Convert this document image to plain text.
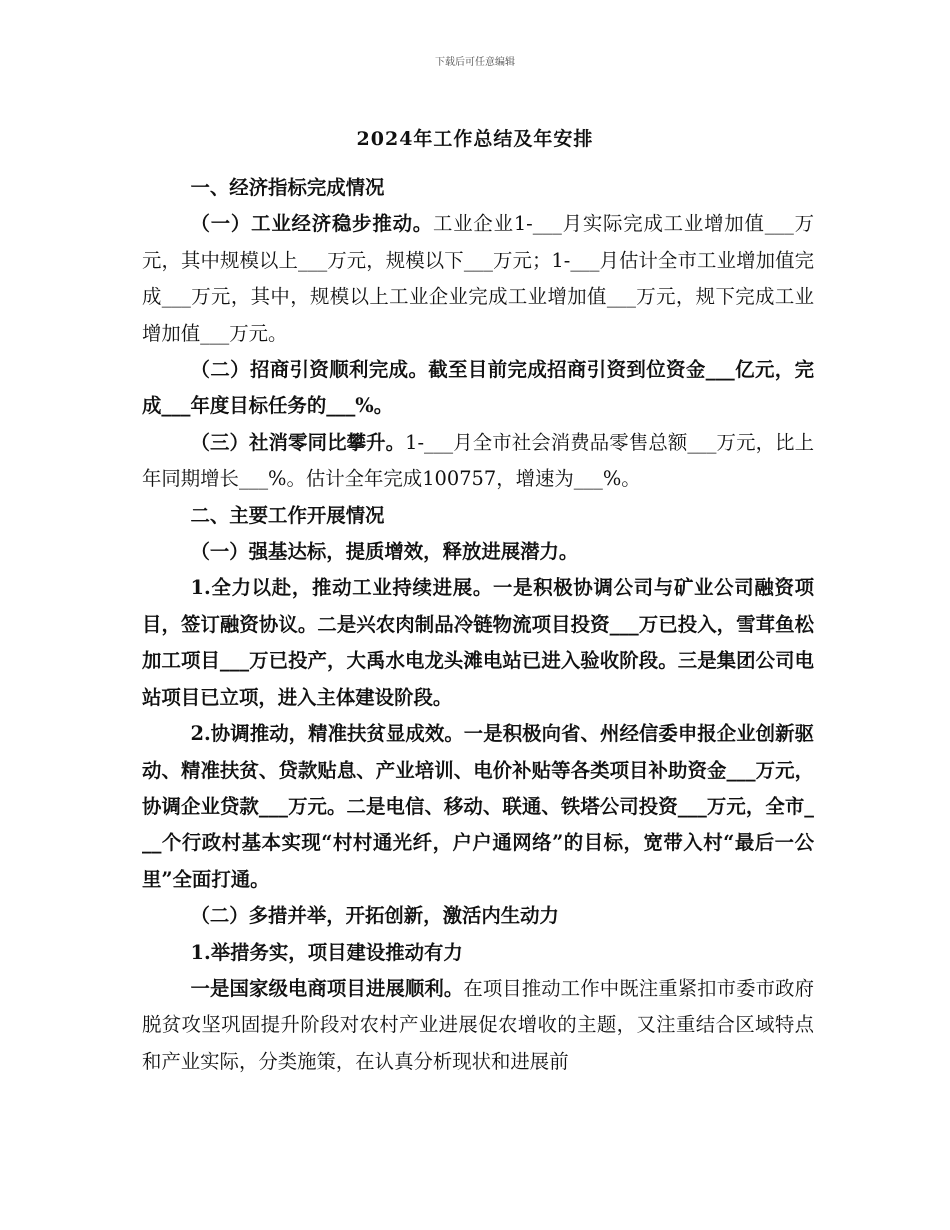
下载后可任意编辑
2024年工作总结及年安排

一、经济指标完成情况

（一）工业经济稳步推动。工业企业1-___月实际完成工业增加值___万元，其中规模以上___万元，规模以下___万元；1-___月估计全市工业增加值完成___万元，其中，规模以上工业企业完成工业增加值___万元，规下完成工业增加值___万元。

（二）招商引资顺利完成。截至目前完成招商引资到位资金___亿元，完成___年度目标任务的___%。

（三）社消零同比攀升。1-___月全市社会消费品零售总额___万元，比上年同期增长___%。估计全年完成100757，增速为___%。

二、主要工作开展情况

（一）强基达标，提质增效，释放进展潜力。

1.全力以赴，推动工业持续进展。一是积极协调公司与矿业公司融资项目，签订融资协议。二是兴农肉制品冷链物流项目投资___万已投入，雪茸鱼松加工项目___万已投产，大禹水电龙头滩电站已进入验收阶段。三是集团公司电站项目已立项，进入主体建设阶段。

2.协调推动，精准扶贫显成效。一是积极向省、州经信委申报企业创新驱动、精准扶贫、贷款贴息、产业培训、电价补贴等各类项目补助资金___万元，协调企业贷款___万元。二是电信、移动、联通、铁塔公司投资___万元，全市___个行政村基本实现“村村通光纤，户户通网络”的目标，宽带入村“最后一公里”全面打通。

（二）多措并举，开拓创新，激活内生动力

1.举措务实，项目建设推动有力

一是国家级电商项目进展顺利。在项目推动工作中既注重紧扣市委市政府脱贫攻坚巩固提升阶段对农村产业进展促农增收的主题，又注重结合区域特点和产业实际，分类施策，在认真分析现状和进展前
